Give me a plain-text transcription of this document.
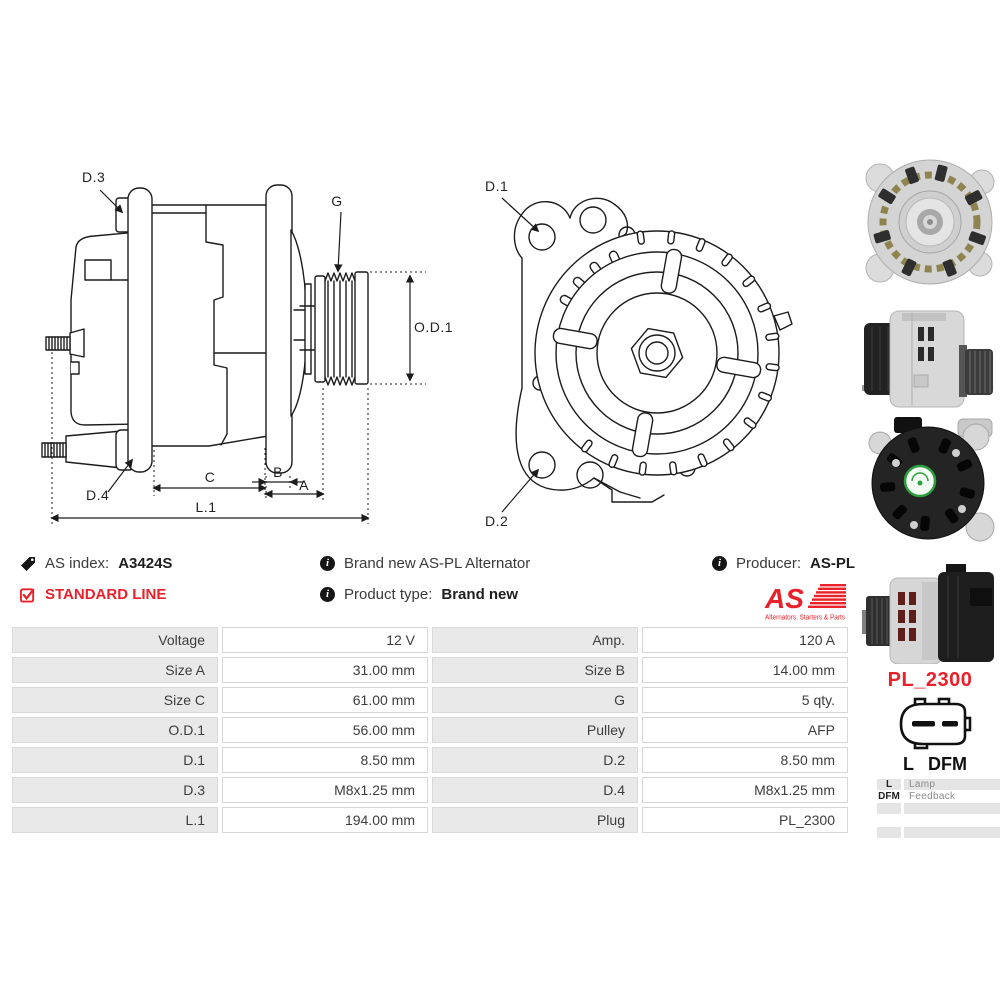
D.3
G
O.D.1
D.4
C	B
A
L.1
D.1
D.2
AS index: A3424S
STANDARD LINE
i Brand new AS-PL Alternator
i Product type: Brand new
i Producer: AS-PL
AS
Alternators, Starters & Parts
Voltage	12 V	Amp.	120 A
Size A	31.00 mm	Size B	14.00 mm
Size C	61.00 mm	G	5 qty.
O.D.1	56.00 mm	Pulley	AFP
D.1	8.50 mm	D.2	8.50 mm
D.3	M8x1.25 mm	D.4	M8x1.25 mm
L.1	194.00 mm	Plug	PL_2300
PL_2300
L DFM
L	Lamp
DFM Feedback
